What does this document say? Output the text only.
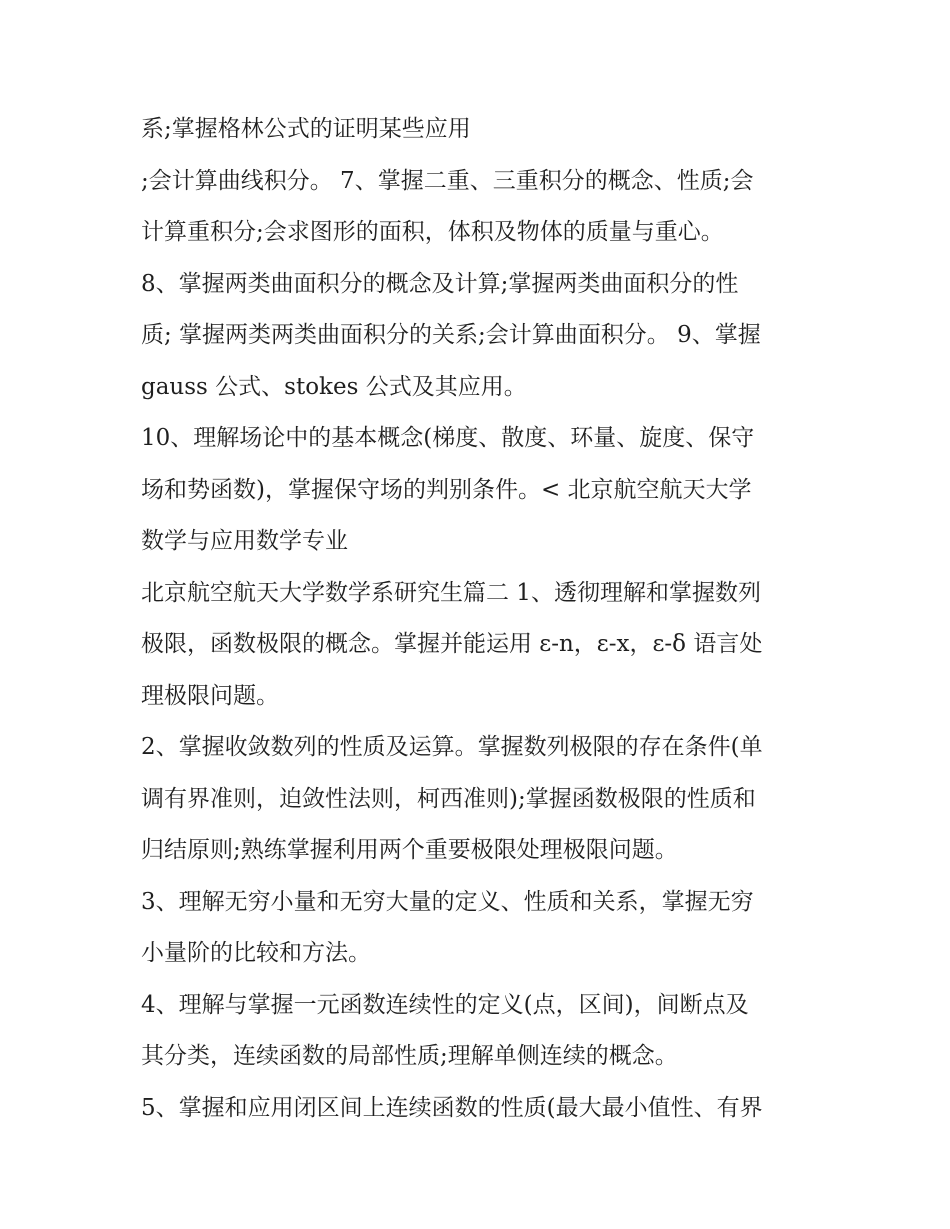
系;掌握格林公式的证明某些应用
;会计算曲线积分。 7、掌握二重、三重积分的概念、性质;会
计算重积分;会求图形的面积，体积及物体的质量与重心。
8、掌握两类曲面积分的概念及计算;掌握两类曲面积分的性
质; 掌握两类两类曲面积分的关系;会计算曲面积分。 9、掌握
gauss 公式、stokes 公式及其应用。
10、理解场论中的基本概念(梯度、散度、环量、旋度、保守
场和势函数)，掌握保守场的判别条件。< 北京航空航天大学
数学与应用数学专业
北京航空航天大学数学系研究生篇二 1、透彻理解和掌握数列
极限，函数极限的概念。掌握并能运用 ε-n，ε-x，ε-δ 语言处
理极限问题。
2、掌握收敛数列的性质及运算。掌握数列极限的存在条件(单
调有界准则，迫敛性法则，柯西准则);掌握函数极限的性质和
归结原则;熟练掌握利用两个重要极限处理极限问题。
3、理解无穷小量和无穷大量的定义、性质和关系，掌握无穷
小量阶的比较和方法。
4、理解与掌握一元函数连续性的定义(点，区间)，间断点及
其分类，连续函数的局部性质;理解单侧连续的概念。
5、掌握和应用闭区间上连续函数的性质(最大最小值性、有界
